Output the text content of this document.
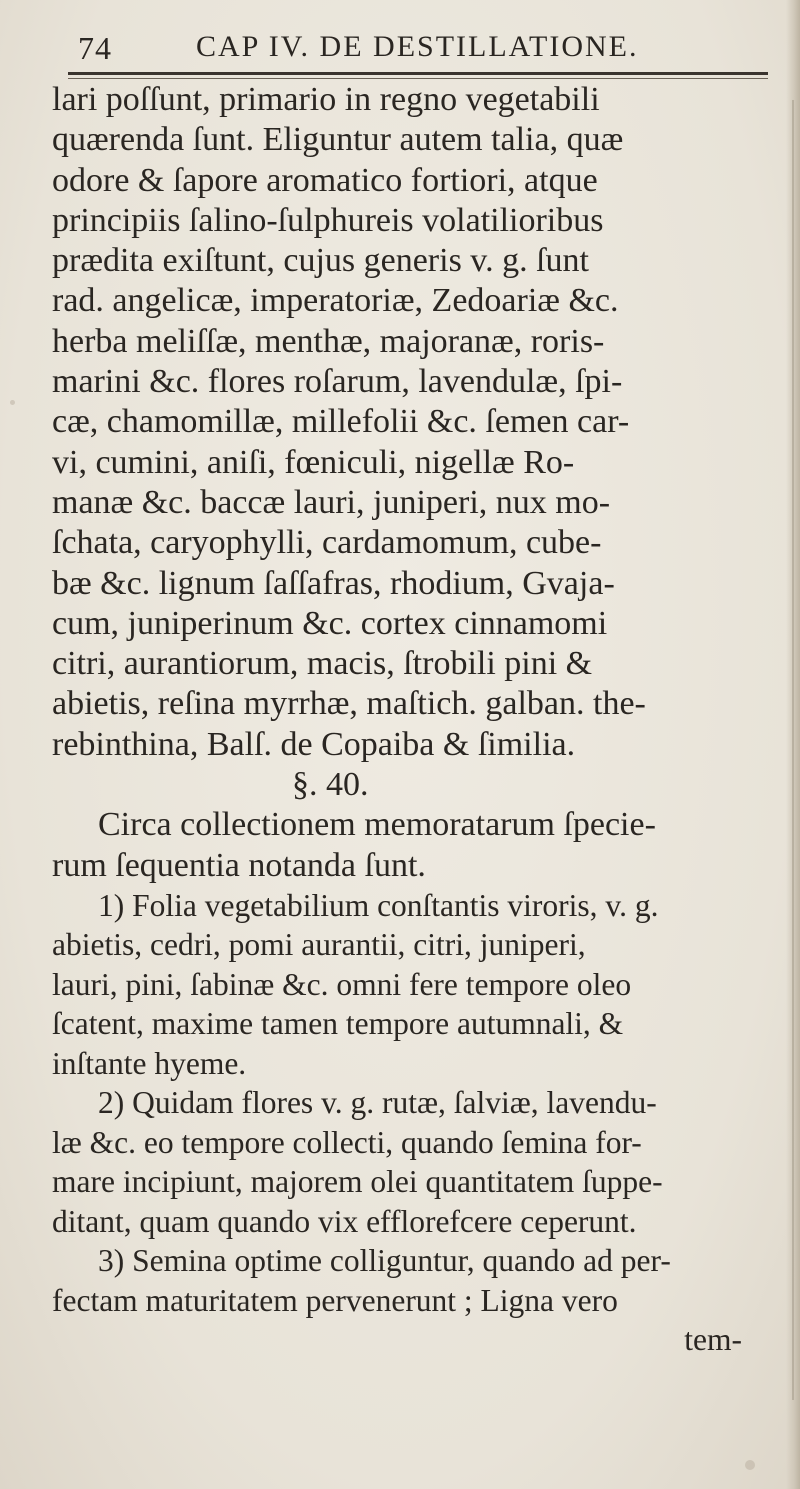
74	CAP IV. DE DESTILLATIONE.
lari poſſunt, primario in regno vegetabili
quærenda ſunt. Eliguntur autem talia, quæ
odore & ſapore aromatico fortiori, atque
principiis ſalino-ſulphureis volatilioribus
prædita exiſtunt, cujus generis v. g. ſunt
rad. angelicæ, imperatoriæ, Zedoariæ &c.
herba meliſſæ, menthæ, majoranæ, roris-
marini &c. flores roſarum, lavendulæ, ſpi-
cæ, chamomillæ, millefolii &c. ſemen car-
vi, cumini, aniſi, fœniculi, nigellæ Ro-
manæ &c. baccæ lauri, juniperi, nux mo-
ſchata, caryophylli, cardamomum, cube-
bæ &c. lignum ſaſſafras, rhodium, Gvaja-
cum, juniperinum &c. cortex cinnamomi
citri, aurantiorum, macis, ſtrobili pini &
abietis, reſina myrrhæ, maſtich. galban. the-
rebinthina, Balſ. de Copaiba & ſimilia.
§. 40.
Circa collectionem memoratarum ſpecie-
rum ſequentia notanda ſunt.
1) Folia vegetabilium conſtantis viroris, v. g.
abietis, cedri, pomi aurantii, citri, juniperi,
lauri, pini, ſabinæ &c. omni fere tempore oleo
ſcatent, maxime tamen tempore autumnali, &
inſtante hyeme.
2) Quidam flores v. g. rutæ, ſalviæ, lavendu-
læ &c. eo tempore collecti, quando ſemina for-
mare incipiunt, majorem olei quantitatem ſuppe-
ditant, quam quando vix efflorefcere ceperunt.
3) Semina optime colliguntur, quando ad per-
fectam maturitatem pervenerunt ; Ligna vero
tem-
